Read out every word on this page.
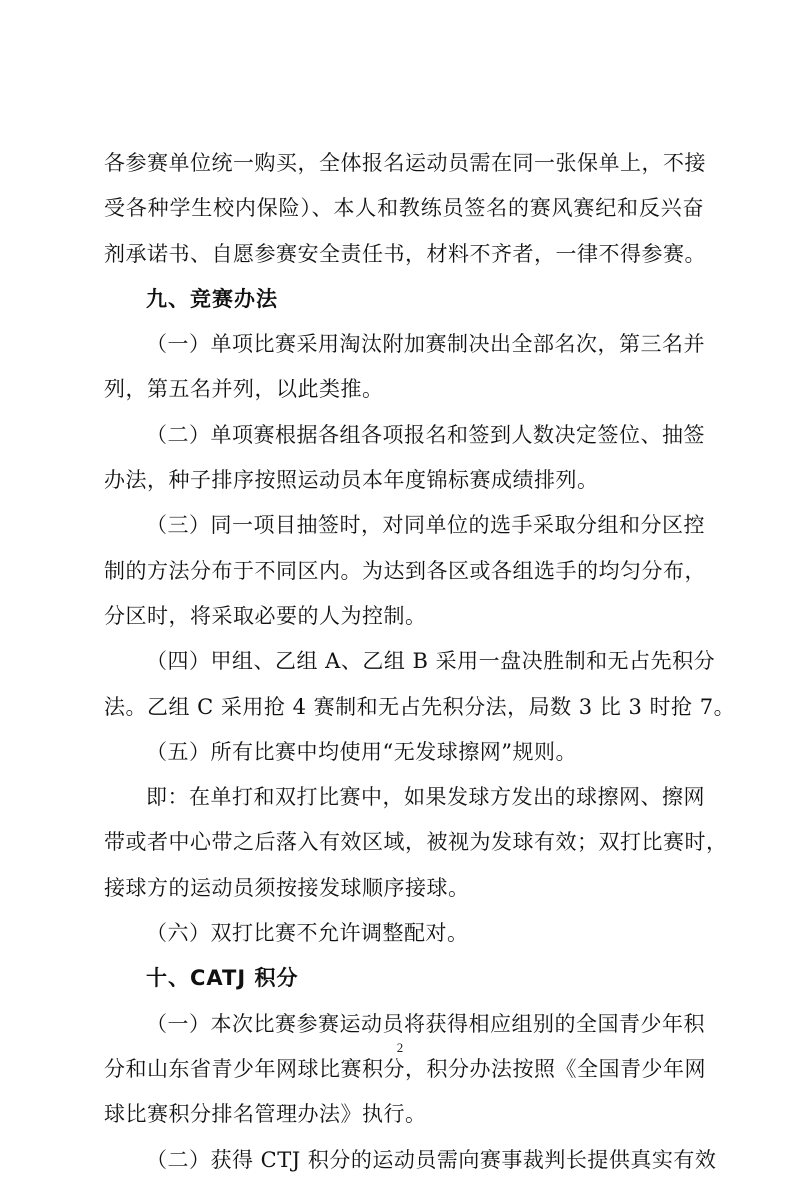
各参赛单位统一购买，全体报名运动员需在同一张保单上，不接
受各种学生校内保险）、本人和教练员签名的赛风赛纪和反兴奋
剂承诺书、自愿参赛安全责任书，材料不齐者，一律不得参赛。
九、竞赛办法
（一）单项比赛采用淘汰附加赛制决出全部名次，第三名并
列，第五名并列，以此类推。
（二）单项赛根据各组各项报名和签到人数决定签位、抽签
办法，种子排序按照运动员本年度锦标赛成绩排列。
（三）同一项目抽签时，对同单位的选手采取分组和分区控
制的方法分布于不同区内。为达到各区或各组选手的均匀分布，
分区时，将采取必要的人为控制。
（四）甲组、乙组 A、乙组 B 采用一盘决胜制和无占先积分
法。乙组 C 采用抢 4 赛制和无占先积分法，局数 3 比 3 时抢 7。
（五）所有比赛中均使用“无发球擦网”规则。
即：在单打和双打比赛中，如果发球方发出的球擦网、擦网
带或者中心带之后落入有效区域，被视为发球有效；双打比赛时，
接球方的运动员须按接发球顺序接球。
（六）双打比赛不允许调整配对。
十、CATJ 积分
（一）本次比赛参赛运动员将获得相应组别的全国青少年积
分和山东省青少年网球比赛积分，积分办法按照《全国青少年网
球比赛积分排名管理办法》执行。
（二）获得 CTJ 积分的运动员需向赛事裁判长提供真实有效
2
